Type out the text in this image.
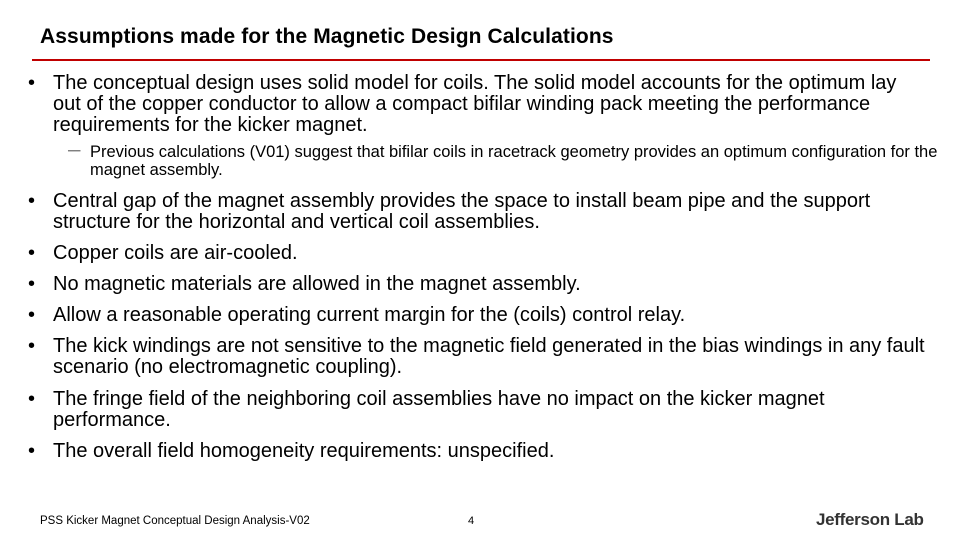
Assumptions made for the Magnetic Design Calculations
• The conceptual design uses solid model for coils. The solid model accounts for the optimum lay out of the copper conductor to allow a compact bifilar winding pack meeting the performance requirements for the kicker magnet.
－ Previous calculations (V01) suggest that bifilar coils in racetrack geometry provides an optimum configuration for the magnet assembly.
• Central gap of the magnet assembly provides the space to install beam pipe and the support structure for the horizontal and vertical coil assemblies.
• Copper coils are air-cooled.
• No magnetic materials are allowed in the magnet assembly.
• Allow a reasonable operating current margin for the (coils) control relay.
• The kick windings are not sensitive to the magnetic field generated in the bias windings in any fault scenario (no electromagnetic coupling).
• The fringe field of the neighboring coil assemblies have no impact on the kicker magnet performance.
• The overall field homogeneity requirements: unspecified.
PSS Kicker Magnet Conceptual Design Analysis-V02	4	Jefferson Lab
